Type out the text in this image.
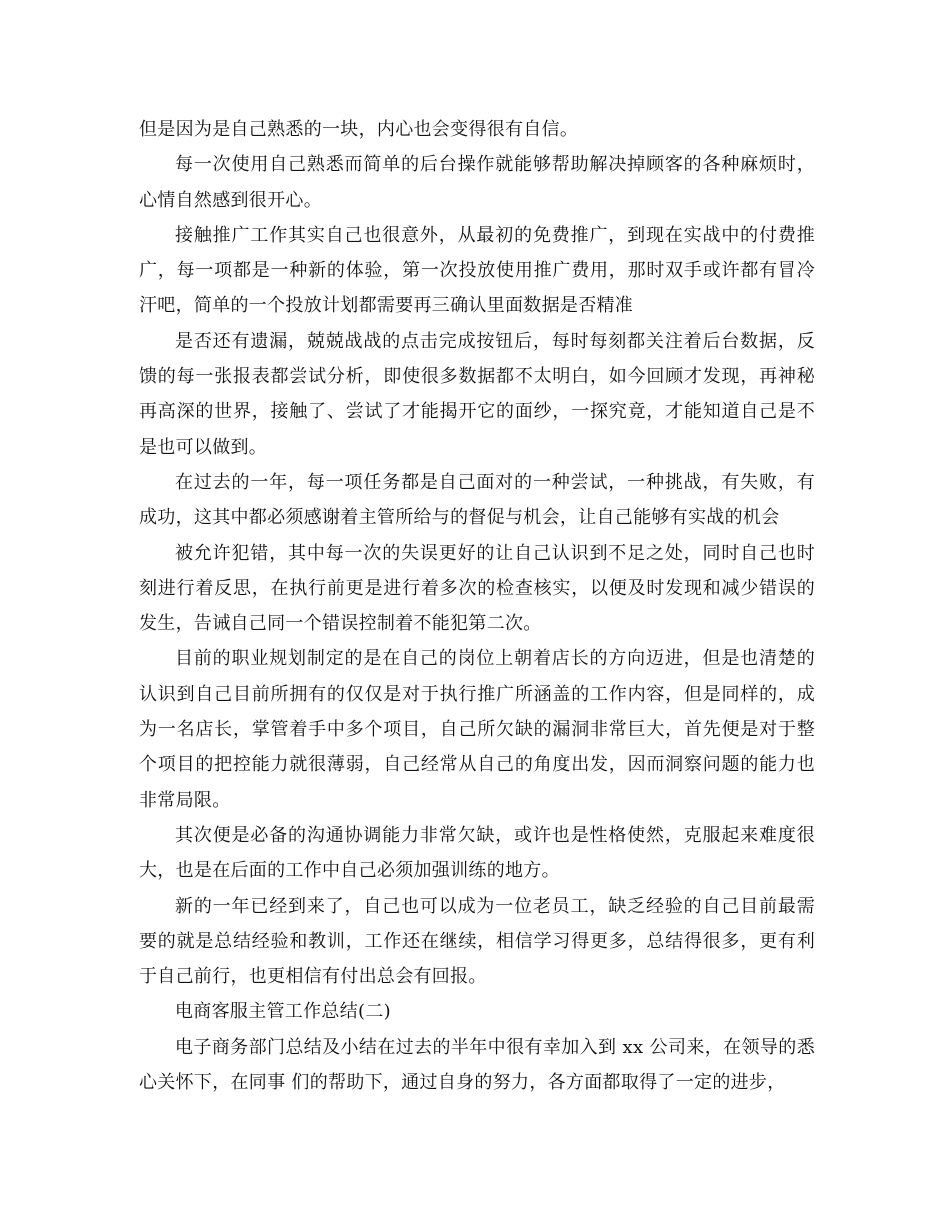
但是因为是自己熟悉的一块，内心也会变得很有自信。

每一次使用自己熟悉而简单的后台操作就能够帮助解决掉顾客的各种麻烦时，心情自然感到很开心。

接触推广工作其实自己也很意外，从最初的免费推广，到现在实战中的付费推广，每一项都是一种新的体验，第一次投放使用推广费用，那时双手或许都有冒冷汗吧，简单的一个投放计划都需要再三确认里面数据是否精准

是否还有遗漏，兢兢战战的点击完成按钮后，每时每刻都关注着后台数据，反馈的每一张报表都尝试分析，即使很多数据都不太明白，如今回顾才发现，再神秘再高深的世界，接触了、尝试了才能揭开它的面纱，一探究竟，才能知道自己是不是也可以做到。

在过去的一年，每一项任务都是自己面对的一种尝试，一种挑战，有失败，有成功，这其中都必须感谢着主管所给与的督促与机会，让自己能够有实战的机会

被允许犯错，其中每一次的失误更好的让自己认识到不足之处，同时自己也时刻进行着反思，在执行前更是进行着多次的检查核实，以便及时发现和减少错误的发生，告诫自己同一个错误控制着不能犯第二次。

目前的职业规划制定的是在自己的岗位上朝着店长的方向迈进，但是也清楚的认识到自己目前所拥有的仅仅是对于执行推广所涵盖的工作内容，但是同样的，成为一名店长，掌管着手中多个项目，自己所欠缺的漏洞非常巨大，首先便是对于整个项目的把控能力就很薄弱，自己经常从自己的角度出发，因而洞察问题的能力也非常局限。

其次便是必备的沟通协调能力非常欠缺，或许也是性格使然，克服起来难度很大，也是在后面的工作中自己必须加强训练的地方。

新的一年已经到来了，自己也可以成为一位老员工，缺乏经验的自己目前最需要的就是总结经验和教训，工作还在继续，相信学习得更多，总结得很多，更有利于自己前行，也更相信有付出总会有回报。

电商客服主管工作总结(二)

电子商务部门总结及小结在过去的半年中很有幸加入到 xx 公司来，在领导的悉心关怀下，在同事 们的帮助下，通过自身的努力，各方面都取得了一定的进步，
